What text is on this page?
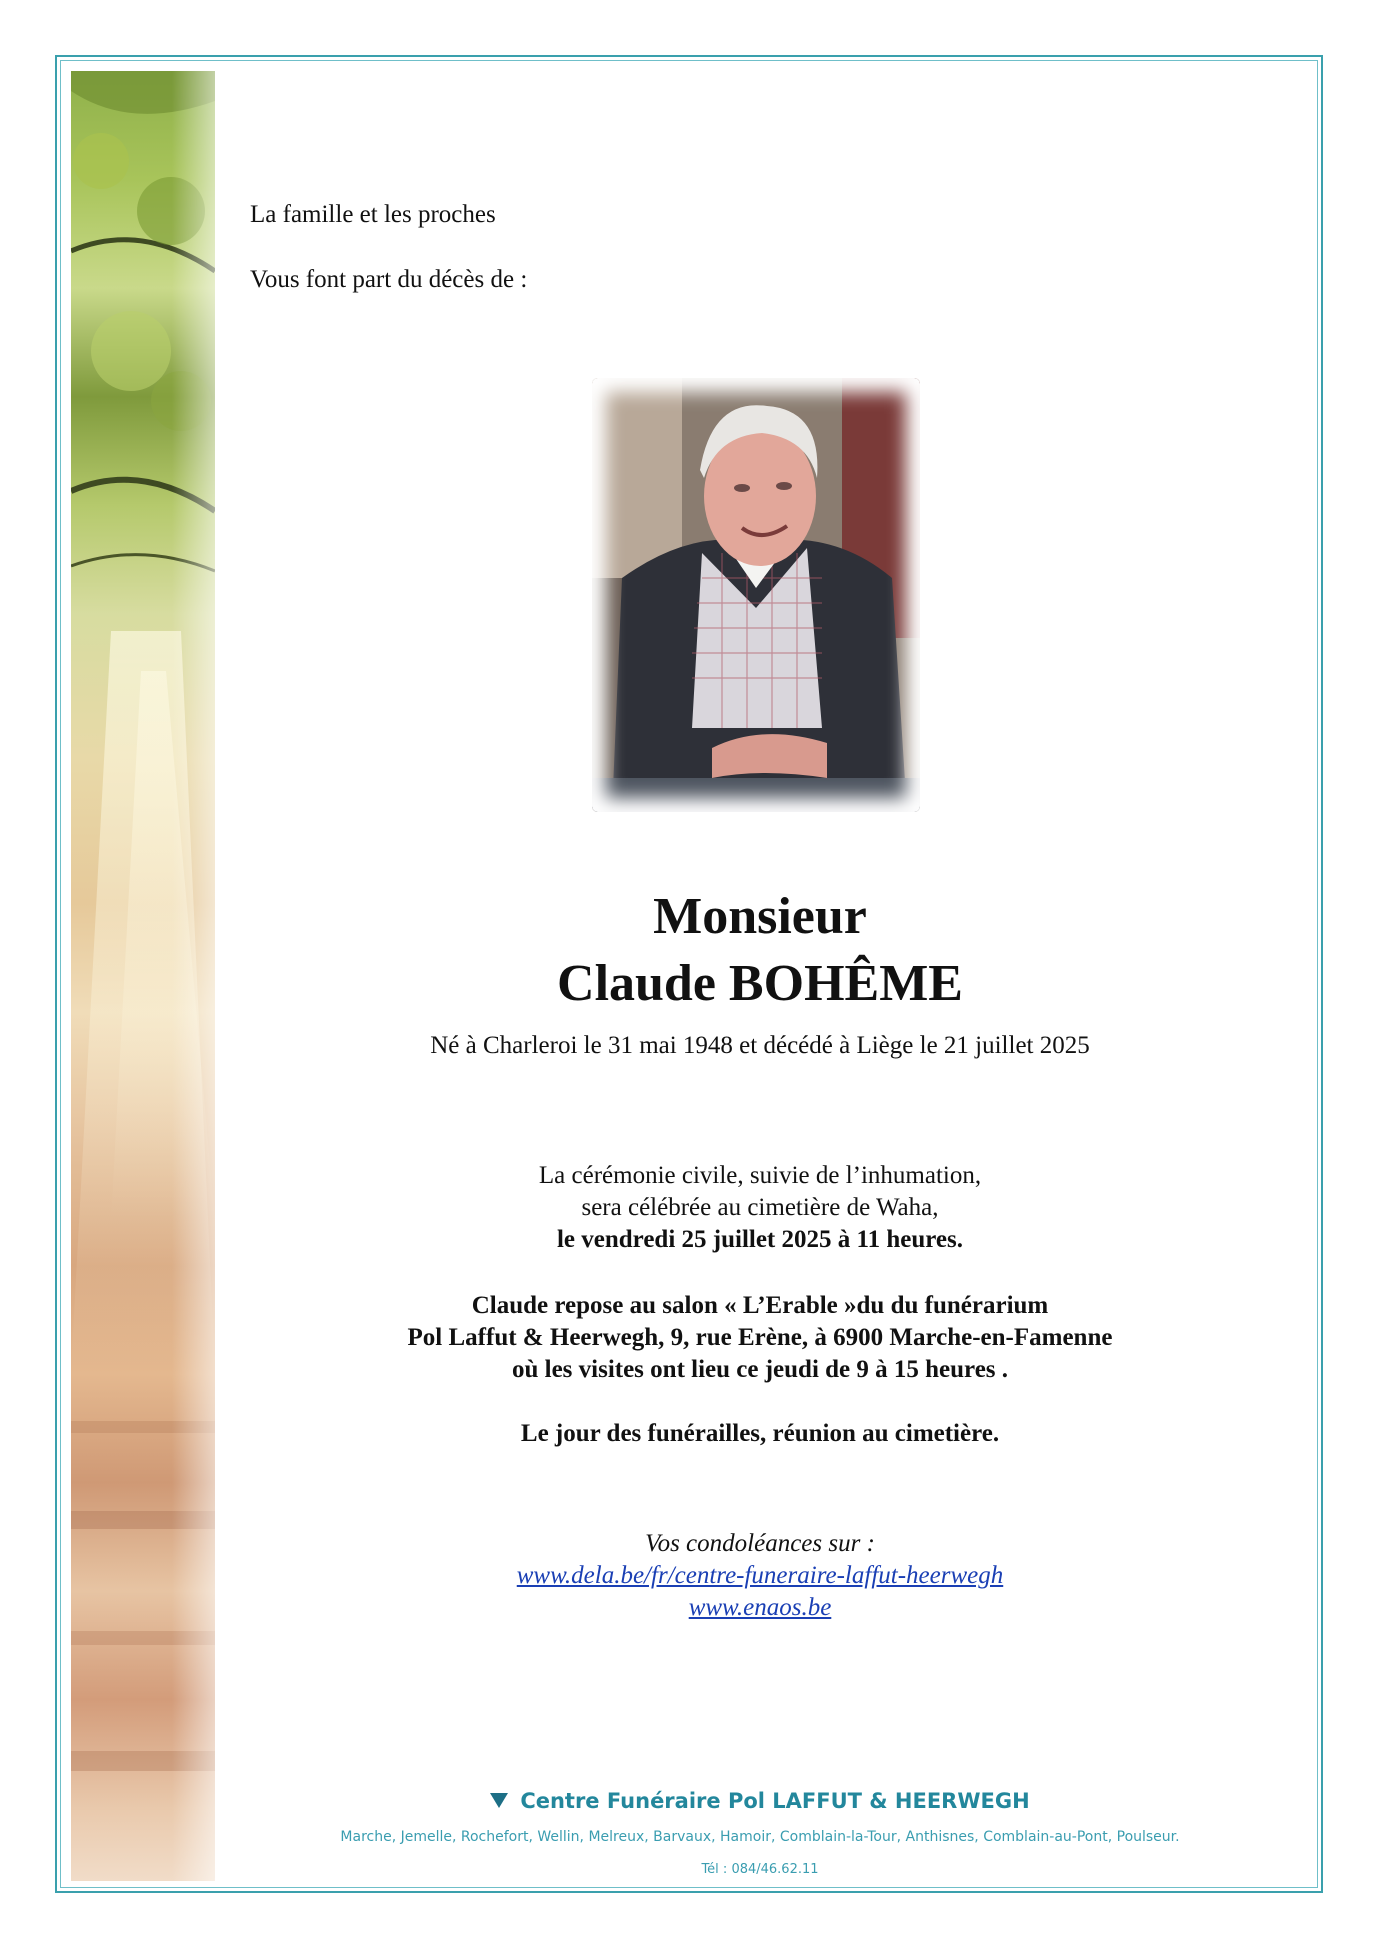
La famille et les proches
Vous font part du décès de :
Monsieur
Claude BOHÊME
Né à Charleroi le 31 mai 1948 et décédé à Liège le 21 juillet 2025
La cérémonie civile, suivie de l’inhumation,
sera célébrée au cimetière de Waha,
le vendredi 25 juillet 2025 à 11 heures.
Claude repose au salon « L’Erable »du du funérarium
Pol Laffut & Heerwegh, 9, rue Erène, à 6900 Marche-en-Famenne
où les visites ont lieu ce jeudi de 9 à 15 heures .
Le jour des funérailles, réunion au cimetière.
Vos condoléances sur :
www.dela.be/fr/centre-funeraire-laffut-heerwegh
www.enaos.be
Centre Funéraire Pol LAFFUT & HEERWEGH
Marche, Jemelle, Rochefort, Wellin, Melreux, Barvaux, Hamoir, Comblain-la-Tour, Anthisnes, Comblain-au-Pont, Poulseur.
Tél : 084/46.62.11
